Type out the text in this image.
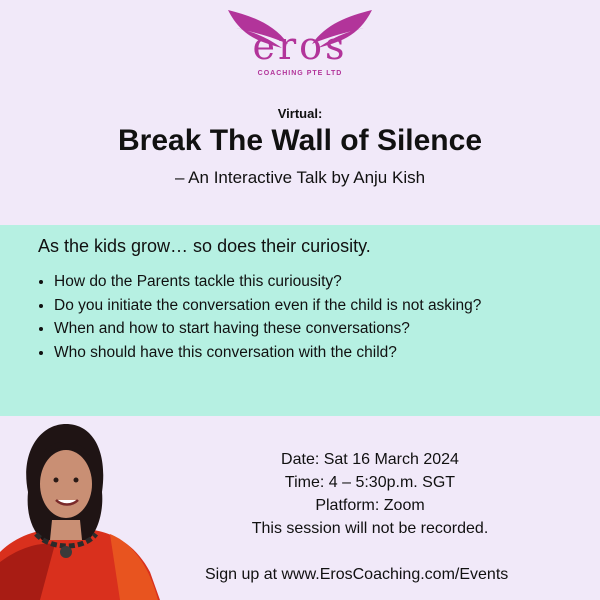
eros
COACHING PTE LTD
Virtual:
Break The Wall of Silence
– An Interactive Talk by Anju Kish
As the kids grow… so does their curiosity.
• How do the Parents tackle this curiousity?
• Do you initiate the conversation even if the child is not asking?
• When and how to start having these conversations?
• Who should have this conversation with the child?
Date: Sat 16 March 2024
Time: 4 – 5:30p.m. SGT
Platform: Zoom
This session will not be recorded.
Sign up at www.ErosCoaching.com/Events
